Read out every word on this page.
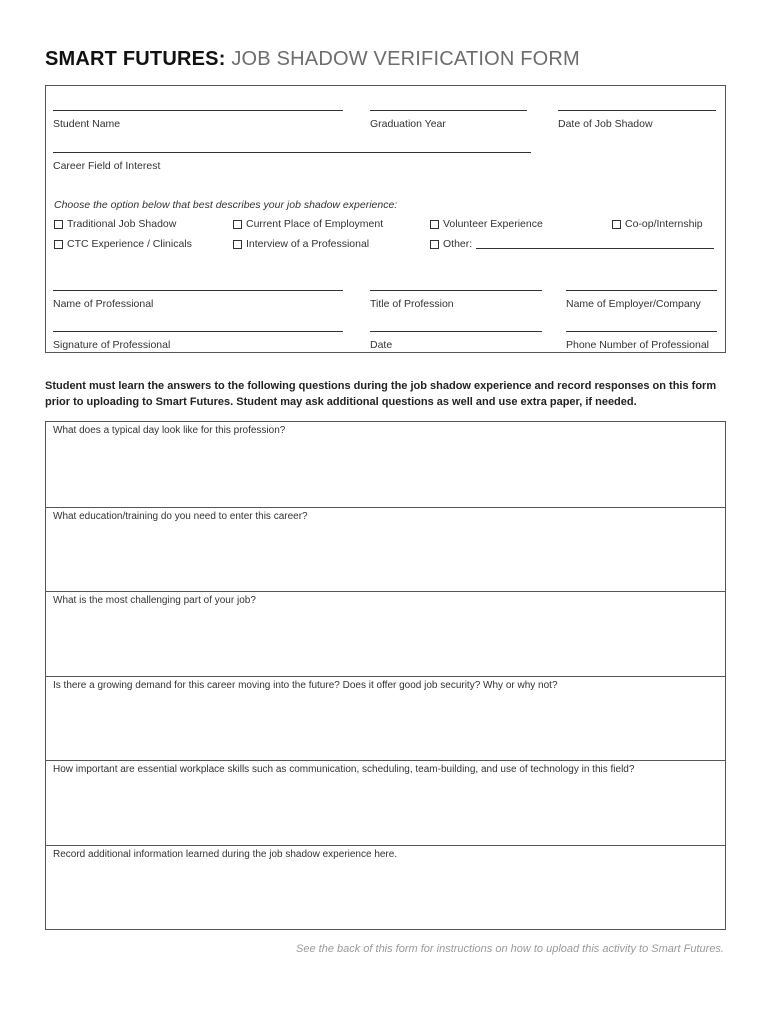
SMART FUTURES: JOB SHADOW VERIFICATION FORM
Student Name	Graduation Year	Date of Job Shadow
Career Field of Interest
Choose the option below that best describes your job shadow experience:
Traditional Job Shadow	Current Place of Employment	Volunteer Experience	Co-op/Internship
CTC Experience / Clinicals	Interview of a Professional	Other:
Name of Professional	Title of Profession	Name of Employer/Company
Signature of Professional	Date	Phone Number of Professional
Student must learn the answers to the following questions during the job shadow experience and record responses on this form prior to uploading to Smart Futures. Student may ask additional questions as well and use extra paper, if needed.
What does a typical day look like for this profession?
What education/training do you need to enter this career?
What is the most challenging part of your job?
Is there a growing demand for this career moving into the future? Does it offer good job security? Why or why not?
How important are essential workplace skills such as communication, scheduling, team-building, and use of technology in this field?
Record additional information learned during the job shadow experience here.
See the back of this form for instructions on how to upload this activity to Smart Futures.
